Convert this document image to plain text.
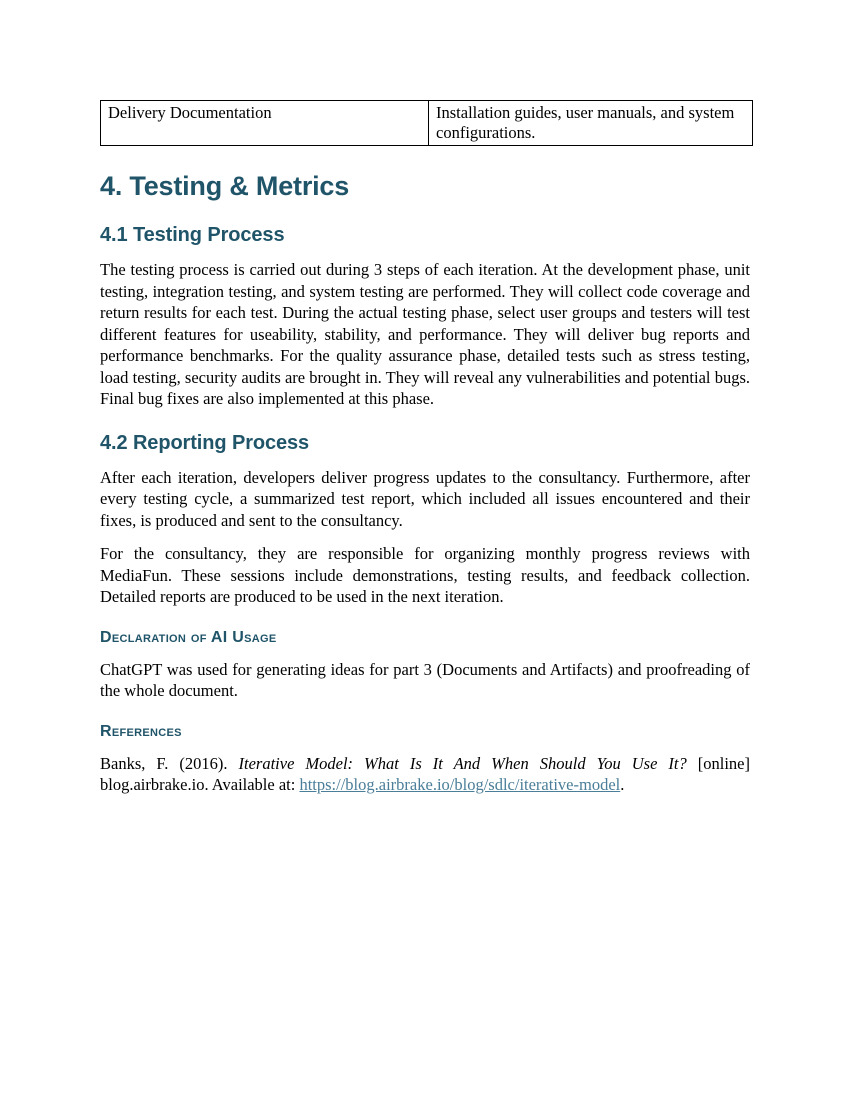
Delivery Documentation	Installation guides, user manuals, and system configurations.
4. Testing & Metrics
4.1 Testing Process

The testing process is carried out during 3 steps of each iteration. At the development phase, unit testing, integration testing, and system testing are performed. They will collect code coverage and return results for each test. During the actual testing phase, select user groups and testers will test different features for useability, stability, and performance. They will deliver bug reports and performance benchmarks. For the quality assurance phase, detailed tests such as stress testing, load testing, security audits are brought in. They will reveal any vulnerabilities and potential bugs. Final bug fixes are also implemented at this phase.

4.2 Reporting Process

After each iteration, developers deliver progress updates to the consultancy. Furthermore, after every testing cycle, a summarized test report, which included all issues encountered and their fixes, is produced and sent to the consultancy.

For the consultancy, they are responsible for organizing monthly progress reviews with MediaFun. These sessions include demonstrations, testing results, and feedback collection. Detailed reports are produced to be used in the next iteration.

Declaration of AI Usage

ChatGPT was used for generating ideas for part 3 (Documents and Artifacts) and proofreading of the whole document.

References

Banks, F. (2016). Iterative Model: What Is It And When Should You Use It? [online] blog.airbrake.io. Available at: https://blog.airbrake.io/blog/sdlc/iterative-model.
